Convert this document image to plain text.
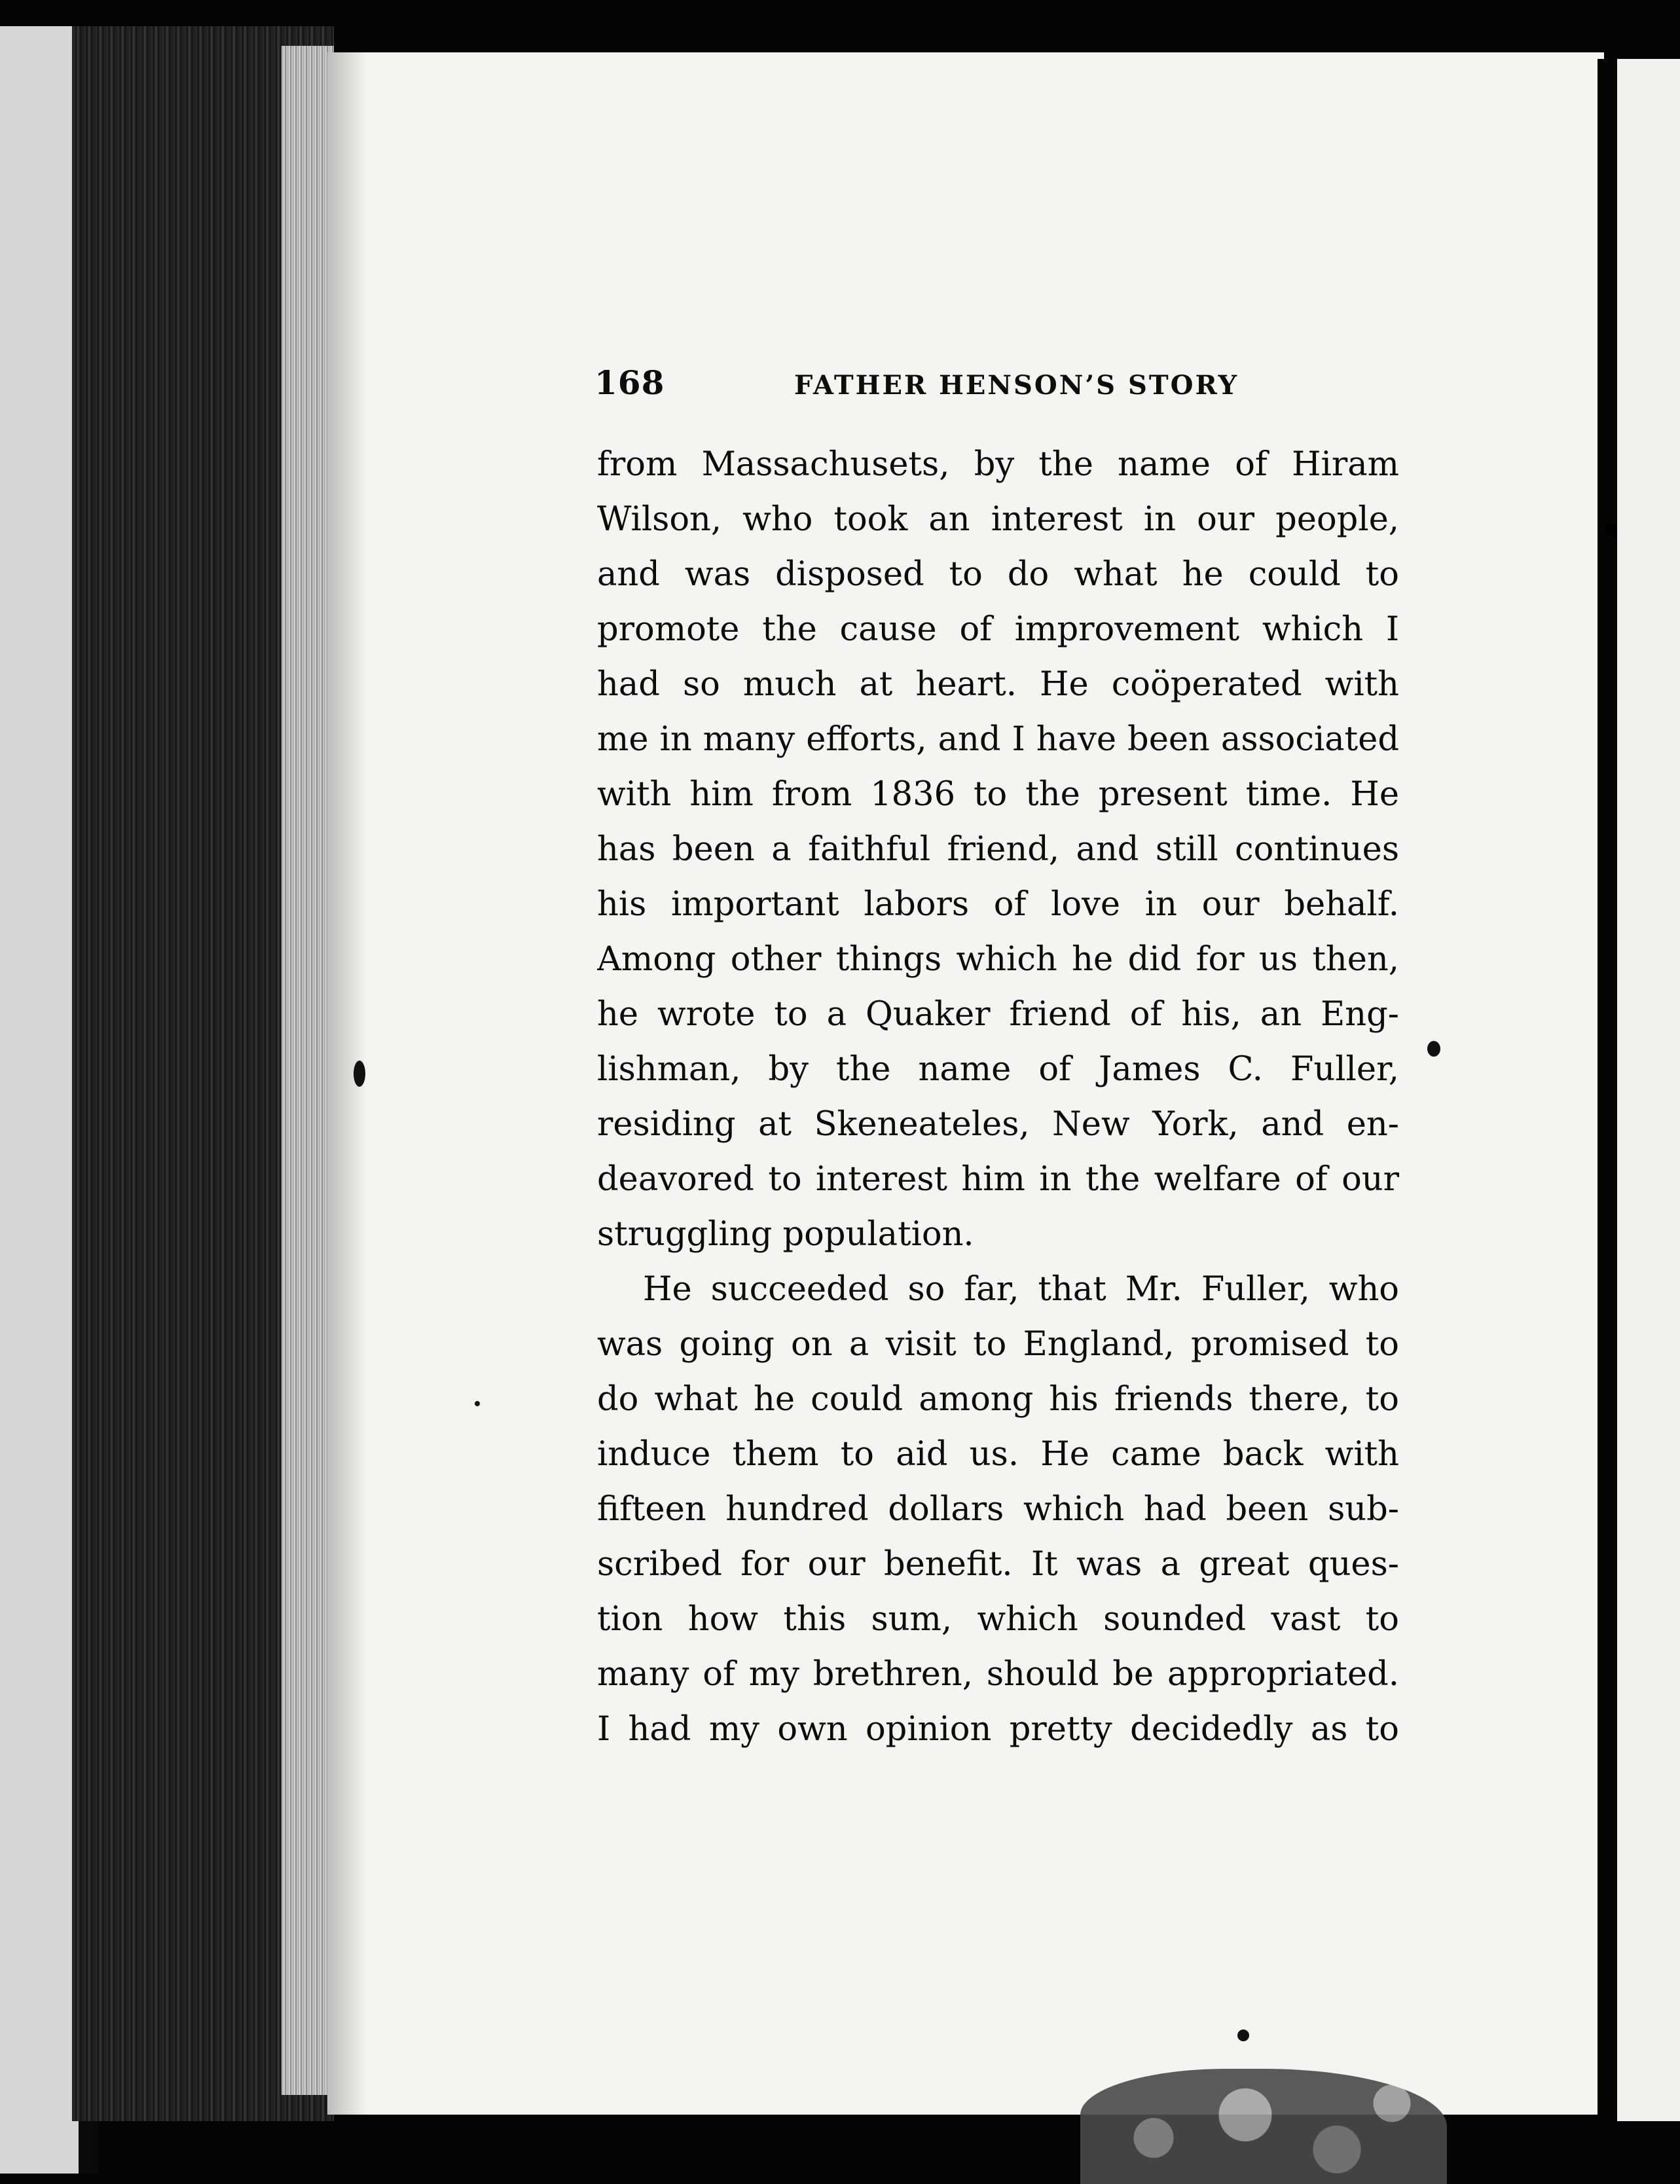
168	FATHER HENSON’S STORY
from Massachusets, by the name of Hiram
Wilson, who took an interest in our people,
and was disposed to do what he could to
promote the cause of improvement which I
had so much at heart. He coöperated with
me in many efforts, and I have been associated
with him from 1836 to the present time. He
has been a faithful friend, and still continues
his important labors of love in our behalf.
Among other things which he did for us then,
he wrote to a Quaker friend of his, an Eng-
lishman, by the name of James C. Fuller,
residing at Skeneateles, New York, and en-
deavored to interest him in the welfare of our
struggling population.
He succeeded so far, that Mr. Fuller, who
was going on a visit to England, promised to
do what he could among his friends there, to
induce them to aid us. He came back with
fifteen hundred dollars which had been sub-
scribed for our benefit. It was a great ques-
tion how this sum, which sounded vast to
many of my brethren, should be appropriated.
I had my own opinion pretty decidedly as to
